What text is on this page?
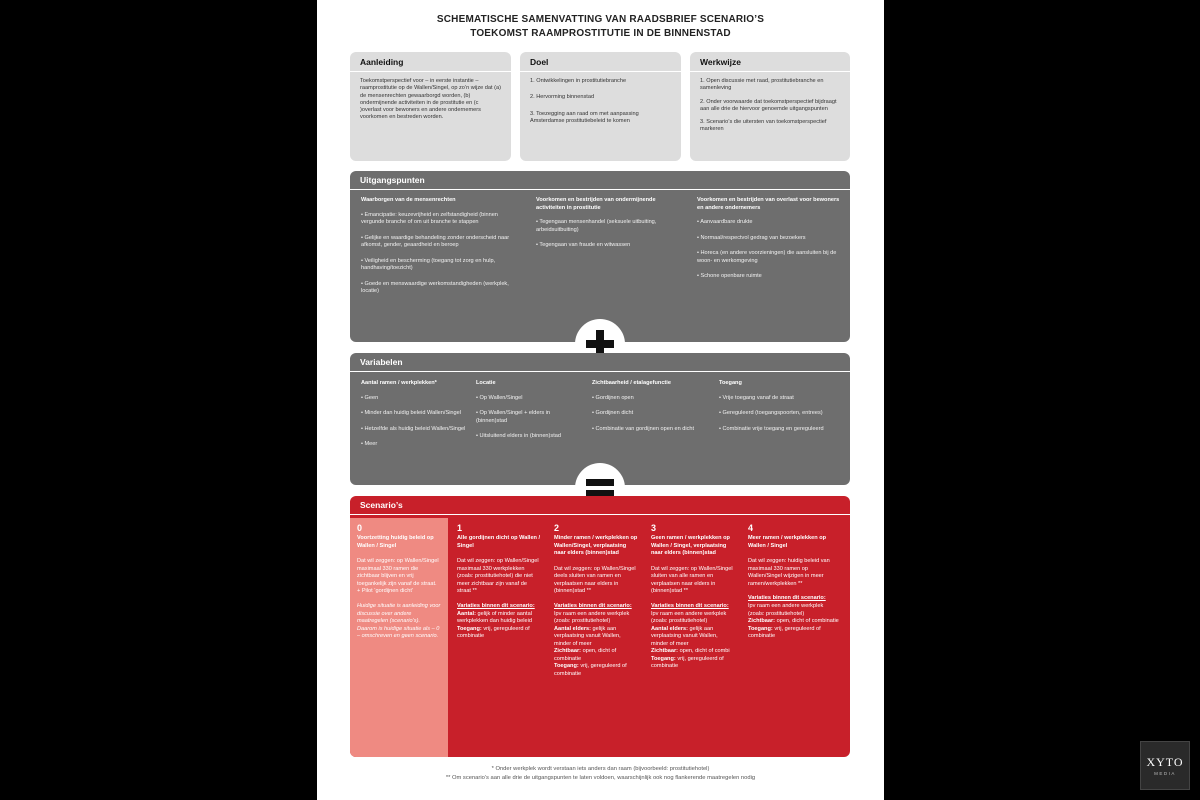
SCHEMATISCHE SAMENVATTING VAN RAADSBRIEF SCENARIO’S
TOEKOMST RAAMPROSTITUTIE IN DE BINNENSTAD
Aanleiding

Toekomstperspectief voor – in eerste instantie – raamprostitutie op de Wallen/Singel, op zo’n wijze dat (a) de mensenrechten gewaarborgd worden, (b) ondermijnende activiteiten in de prostitutie en (c )overlast voor bewoners en andere ondernemers voorkomen en bestreden worden.

Doel

1. Ontwikkelingen in prostitutiebranche

2. Hervorming binnenstad

3. Toezegging aan raad om met aanpassing Amsterdamse prostitutiebeleid te komen

Werkwijze

1. Open discussie met raad, prostitutiebranche en samenleving

2. Onder voorwaarde dat toekomstperspectief bijdraagt aan alle drie de hiervoor genoemde uitgangspunten

3. Scenario’s die uitersten van toekomstperspectief markeren

Uitgangspunten
Waarborgen van de mensenrechten
• Emancipatie: keuzevrijheid en zelfstandigheid (binnen vergunde branche of om uit branche te stappen
• Gelijke en waardige behandeling zonder onderscheid naar afkomst, gender, geaardheid en beroep
• Veiligheid en bescherming (toegang tot zorg en hulp, handhaving/toezicht)
• Goede en menswaardige werkomstandigheden (werkplek, locatie)
Voorkomen en bestrijden van ondermijnende activiteiten in prostitutie
• Tegengaan mensenhandel (seksuele uitbuiting, arbeidsuitbuiting)
• Tegengaan van fraude en witwassen
Voorkomen en bestrijden van overlast voor bewoners en andere ondernemers
• Aanvaardbare drukte
• Normaal/respectvol gedrag van bezoekers
• Horeca (en andere voorzieningen) die aansluiten bij de woon- en werkomgeving
• Schone openbare ruimte
Variabelen
Aantal ramen / werkplekken*
• Geen
• Minder dan huidig beleid Wallen/Singel
• Hetzelfde als huidig beleid Wallen/Singel
• Meer
Locatie
• Op Wallen/Singel
• Op Wallen/Singel + elders in (binnen)stad
• Uitsluitend elders in (binnen)stad
Zichtbaarheid / etalagefunctie
• Gordijnen open
• Gordijnen dicht
• Combinatie van gordijnen open en dicht
Toegang
• Vrije toegang vanaf de straat
• Gereguleerd (toegangspoorten, entrees)
• Combinatie vrije toegang en gereguleerd
Scenario’s
0
Voortzetting huidig beleid op Wallen / Singel

Dat wil zeggen: op Wallen/Singel maximaal 330 ramen die zichtbaar blijven en vrij toegankelijk zijn vanaf de straat. + Pilot ‘gordijnen dicht’

Huidige situatie is aanleiding voor discussie over andere maatregelen (scenario’s). Daarom is huidige situatie als – 0 – omschreven en geen scenario.

1
Alle gordijnen dicht op Wallen / Singel

Dat wil zeggen: op Wallen/Singel maximaal 330 werkplekken (zoals: prostitutiehotel) die niet meer zichtbaar zijn vanaf de straat **

Variaties binnen dit scenario:
Aantal: gelijk of minder aantal werkplekken dan huidig beleid
Toegang: vrij, gereguleerd of combinatie
2
Minder ramen / werkplekken op Wallen/Singel, verplaatsing naar elders (binnen)stad

Dat wil zeggen: op Wallen/Singel deels sluiten van ramen en verplaatsen naar elders in (binnen)stad **

Variaties binnen dit scenario:
Ipv raam een andere werkplek (zoals: prostitutiehotel)
Aantal elders: gelijk aan verplaatsing vanuit Wallen, minder of meer
Zichtbaar: open, dicht of combinatie
Toegang: vrij, gereguleerd of combinatie
3
Geen ramen / werkplekken op Wallen / Singel, verplaatsing naar elders (binnen)stad

Dat wil zeggen: op Wallen/Singel sluiten van alle ramen en verplaatsen naar elders in (binnen)stad **

Variaties binnen dit scenario:
Ipv raam een andere werkplek (zoals: prostitutiehotel)
Aantal elders: gelijk aan verplaatsing vanuit Wallen, minder of meer
Zichtbaar: open, dicht of combi
Toegang: vrij, gereguleerd of combinatie
4
Meer ramen / werkplekken op Wallen / Singel

Dat wil zeggen: huidig beleid van maximaal 330 ramen op Wallen/Singel wijzigen in meer ramen/werkplekken **

Variaties binnen dit scenario:
Ipv raam een andere werkplek (zoals: prostitutiehotel)
Zichtbaar: open, dicht of combinatie
Toegang: vrij, gereguleerd of combinatie
* Onder werkplek wordt verstaan iets anders dan raam (bijvoorbeeld: prostitutiehotel)
** Om scenario’s aan alle drie de uitgangspunten te laten voldoen, waarschijnlijk ook nog flankerende maatregelen nodig
XYTO
MEDIA
